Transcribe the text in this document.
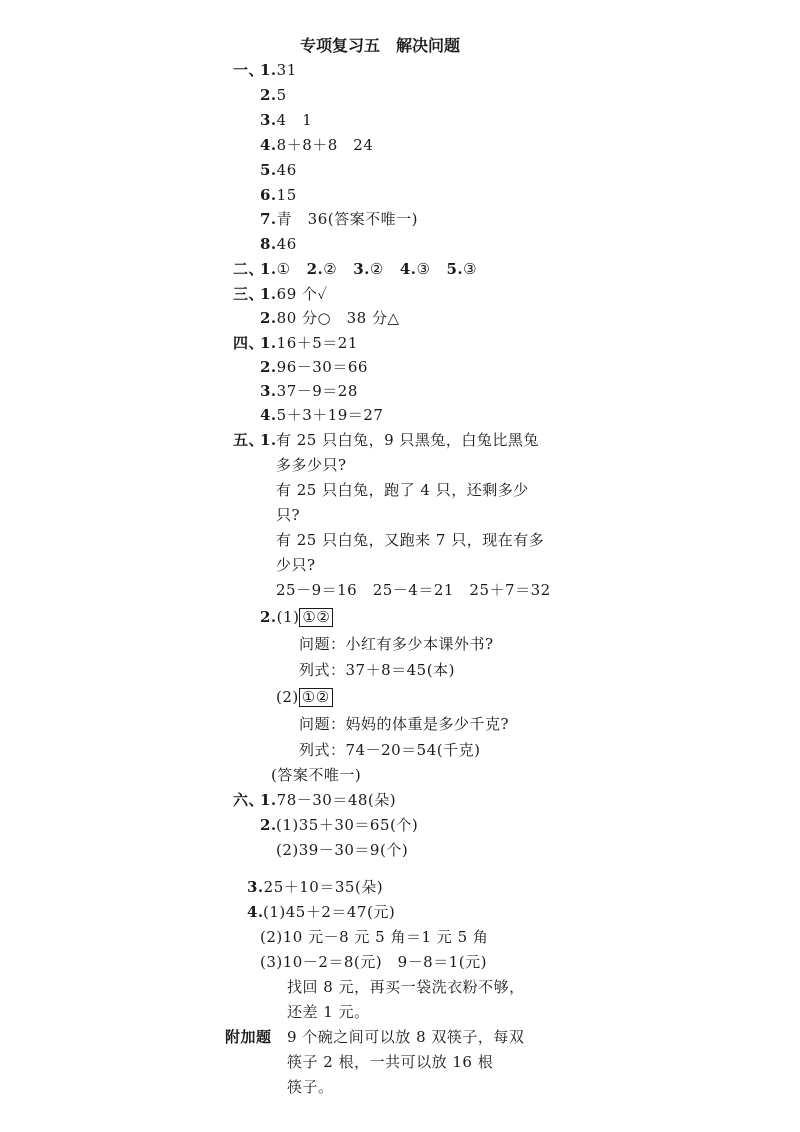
专项复习五　解决问题
一、
1.31
2.5
3.4　1
4.8＋8＋8　24
5.46
6.15
7.青　36(答案不唯一)
8.46
二、
1.① 2.② 3.② 4.③ 5.③
三、
1.69 个✓
2.80 分○　38 分△
四、
1.16＋5＝21
2.96－30＝66
3.37－9＝28
4.5＋3＋19＝27
五、
1. 有 25 只白兔，9 只黑兔，白兔比黑兔
多多少只?
有 25 只白兔，跑了 4 只，还剩多少
只?
有 25 只白兔，又跑来 7 只，现在有多
少只?
25－9＝16　25－4＝21　25＋7＝32
2.(1) ①②
问题：小红有多少本课外书?
列式：37＋8＝45(本)
(2) ①②
问题：妈妈的体重是多少千克?
列式：74－20＝54(千克)
(答案不唯一)
六、
1.78－30＝48(朵)
2. (1)35＋30＝65(个)
(2)39－30＝9(个)
3.25＋10＝35(朵)
4. (1)45＋2＝47(元)
(2)10 元－8 元 5 角＝1 元 5 角
(3)10－2＝8(元)　9－8＝1(元)
找回 8 元，再买一袋洗衣粉不够，
还差 1 元。
附加题 9 个碗之间可以放 8 双筷子，每双
筷子 2 根，一共可以放 16 根
筷子。
